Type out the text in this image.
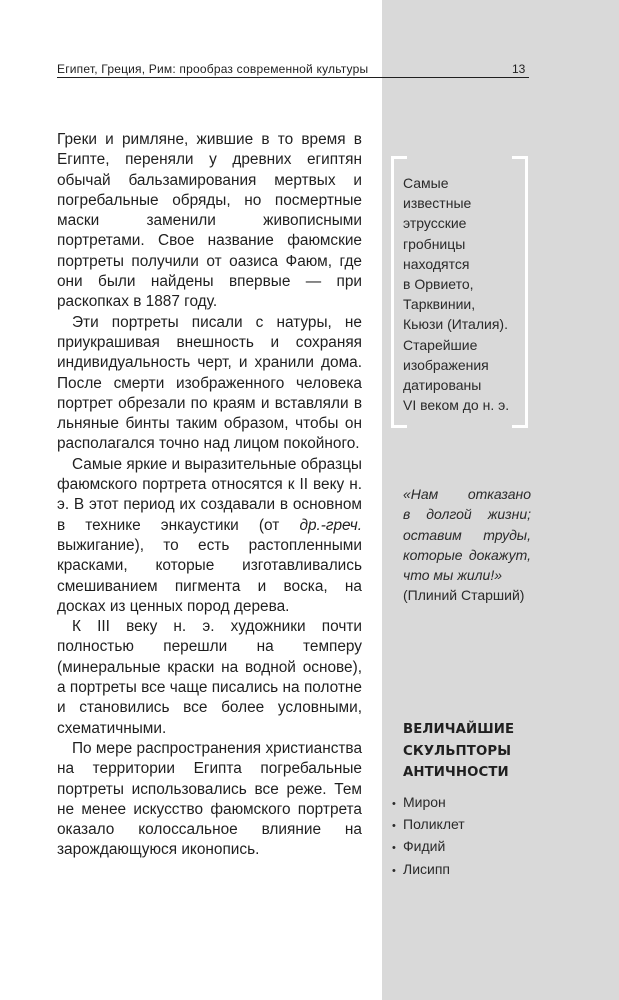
Египет, Греция, Рим: прообраз современной культуры	13

Греки и римляне, жившие в то время в Египте, переняли у древних египтян обычай бальзамирования мертвых и погребальные обряды, но посмертные маски заменили живописными портретами. Свое название фаюмские портреты получили от оазиса Фаюм, где они были найдены впервые — при раскопках в 1887 году.

Эти портреты писали с натуры, не приукрашивая внешность и сохраняя индивидуальность черт, и хранили дома. После смерти изображенного человека портрет обрезали по краям и вставляли в льняные бинты таким образом, чтобы он располагался точно над лицом покойного.

Самые яркие и выразительные образцы фаюмского портрета относятся к II веку н. э. В этот период их создавали в основном в технике энкаустики (от дp.-греч. выжигание), то есть растопленными красками, которые изготавливались смешиванием пигмента и воска, на досках из ценных пород дерева.

К III веку н. э. художники почти полностью перешли на темперу (минеральные краски на водной основе), а портреты все чаще писались на полотне и становились все более условными, схематичными.

По мере распространения христианства на территории Египта погребальные портреты использовались все реже. Тем не менее искусство фаюмского портрета оказало колоссальное влияние на зарождающуюся иконопись.

Самые
известные
этрусские
гробницы
находятся
в Орвието,
Тарквинии,
Кьюзи (Италия).
Старейшие
изображения
датированы
VI веком до н. э.
«Нам отказано
в долгой жизни;
оставим труды,
которые докажут,
что мы жили!»
(Плиний Старший)
ВЕЛИЧАЙШИЕ
СКУЛЬПТОРЫ
АНТИЧНОСТИ
• Мирон
• Поликлет
• Фидий
• Лисипп
